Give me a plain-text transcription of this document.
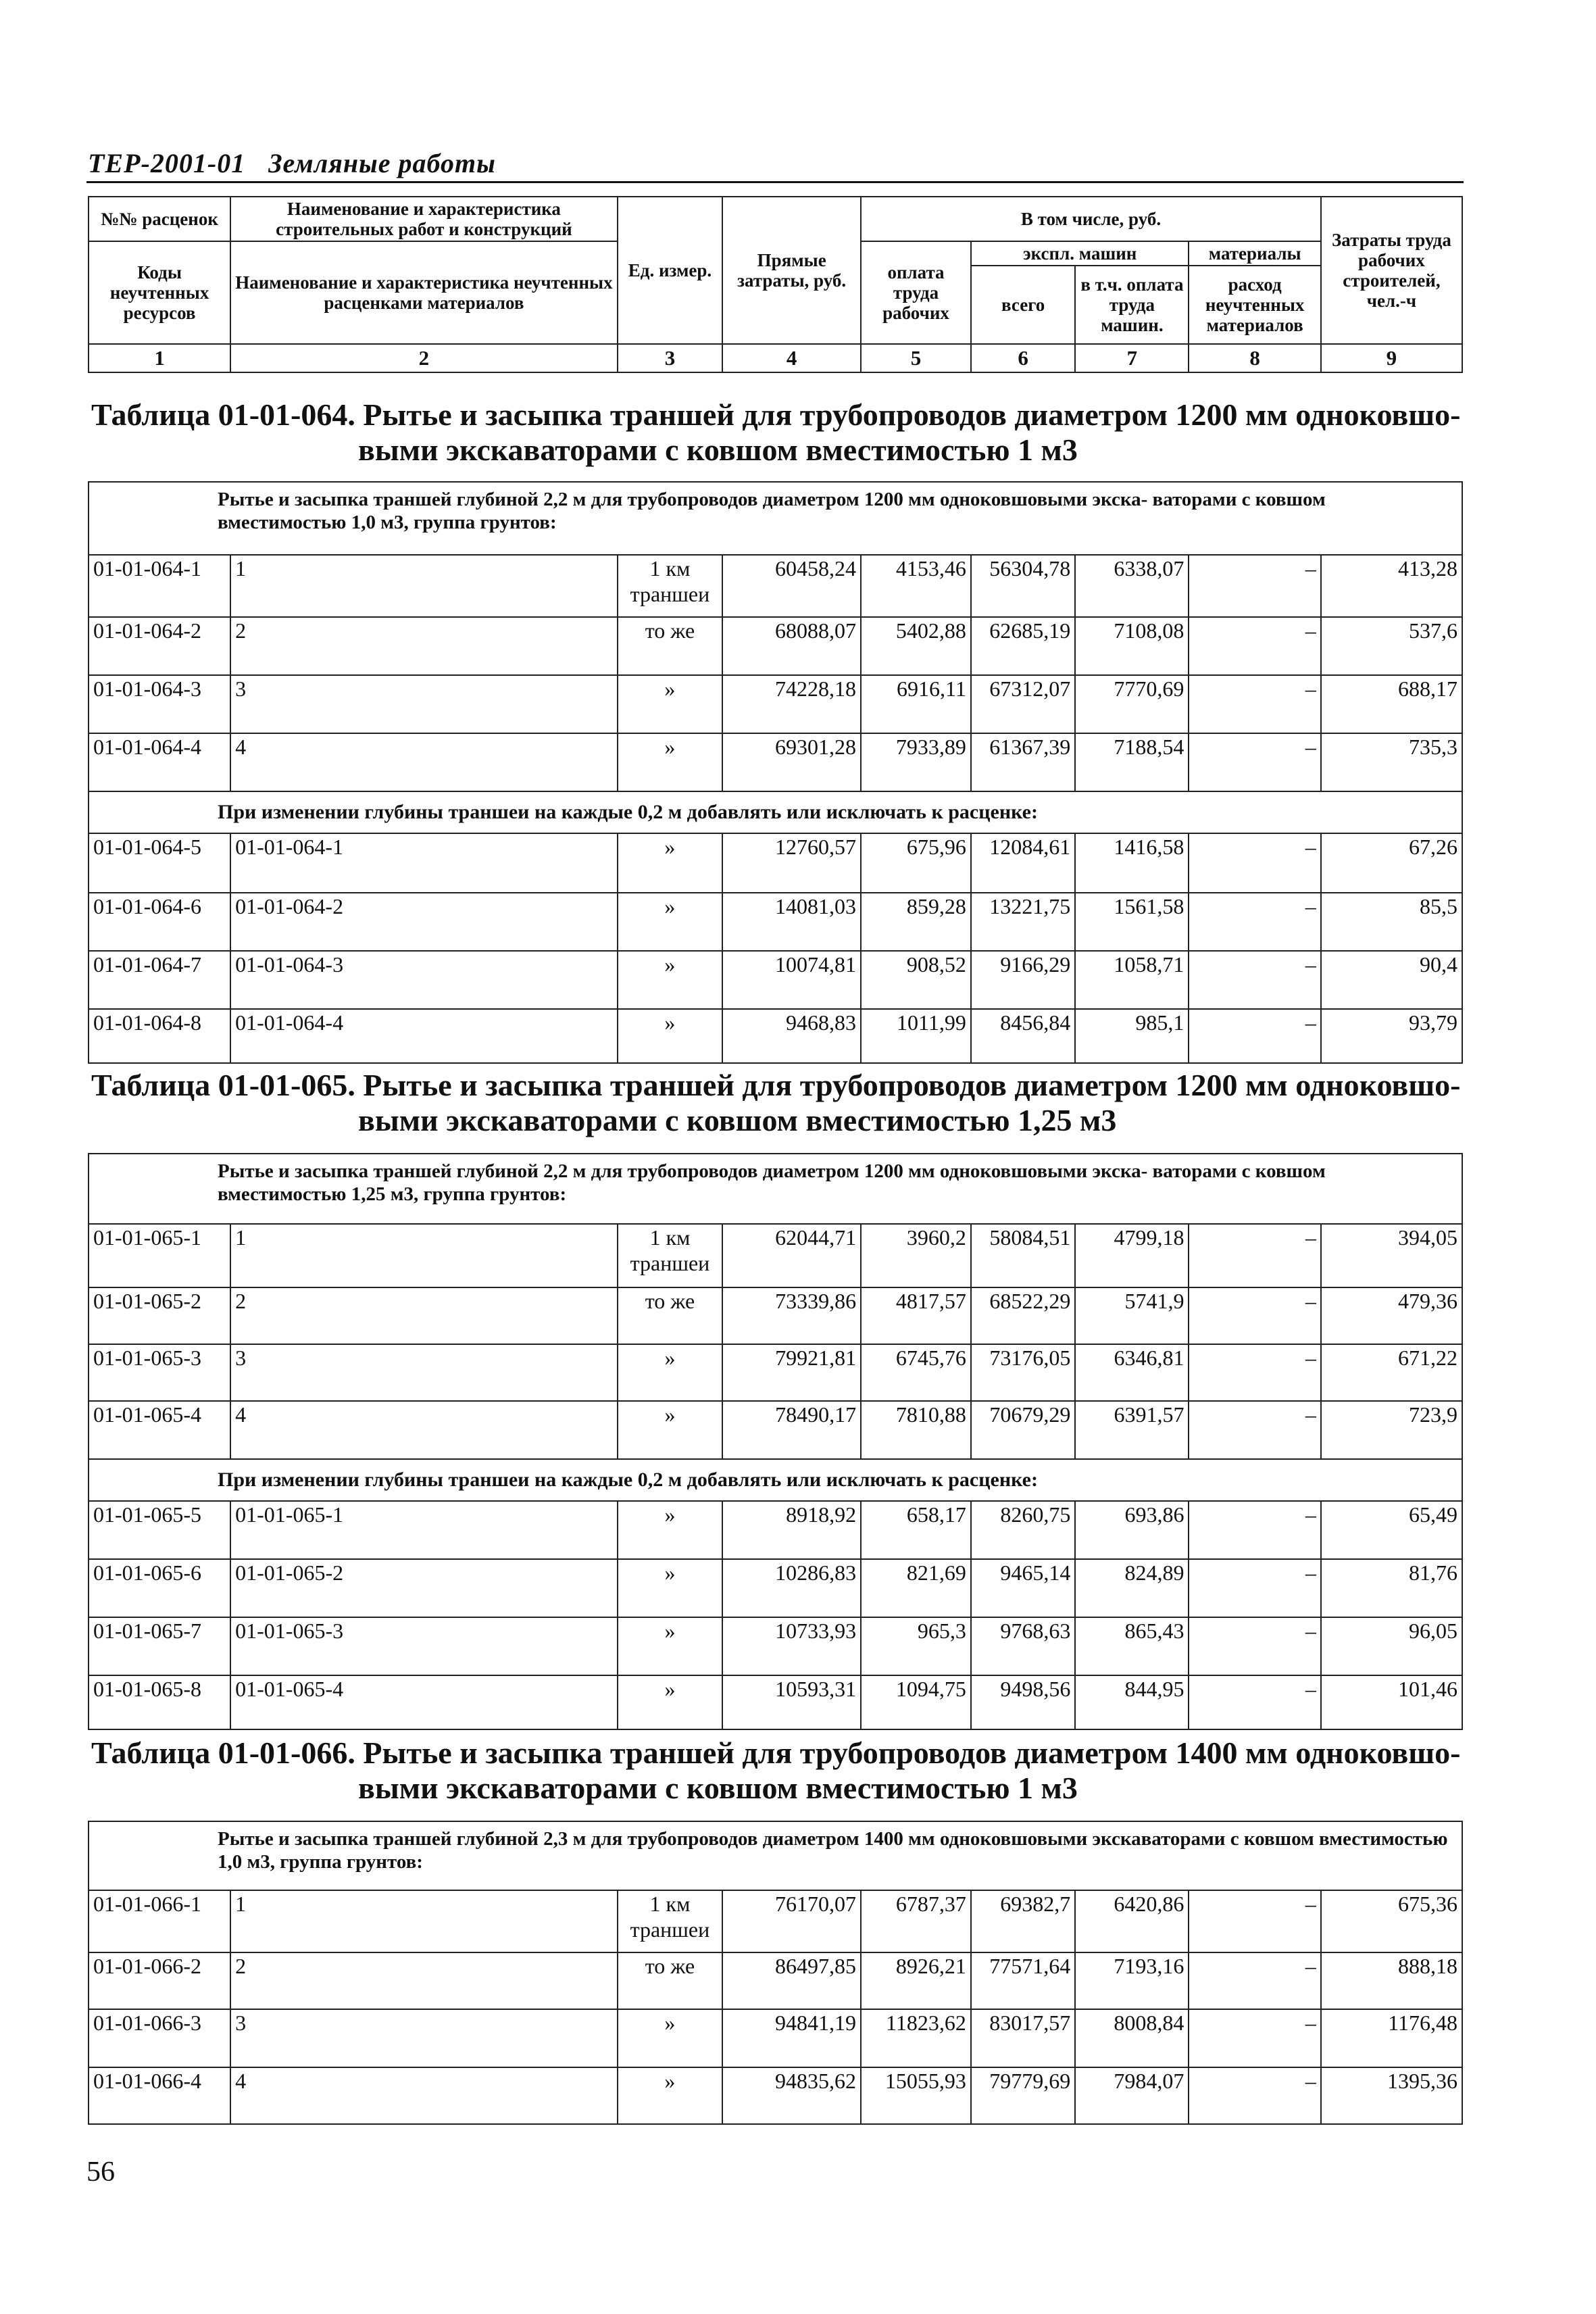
ТЕР-2001-01 Земляные работы
№№ расценок	Наименование и характеристика строительных работ и конструкций	Ед. измер.	Прямые затраты, руб.	В том числе, руб.				Затраты труда рабочих строителей, чел.-ч
Коды неучтенных ресурсов	Наименование и характеристика неучтенных расценками материалов			оплата труда рабочих	экспл. машин		материалы	
					всего	в т.ч. оплата труда машин.	расход неучтенных материалов	

1	2	3	4	5	6	7	8	9
Таблица 01-01-064. Рытье и засыпка траншей для трубопроводов диаметром 1200 мм одноковшо-
выми экскаваторами с ковшом вместимостью 1 м3
Рытье и засыпка траншей глубиной 2,2 м для трубопроводов диаметром 1200 мм одноковшовыми экска- ваторами с ковшом вместимостью 1,0 м3, группа грунтов:								
01-01-064-1	1	1 км траншеи	60458,24	4153,46	56304,78	6338,07	–	413,28
01-01-064-2	2	то же	68088,07	5402,88	62685,19	7108,08	–	537,6
01-01-064-3	3	»	74228,18	6916,11	67312,07	7770,69	–	688,17
01-01-064-4	4	»	69301,28	7933,89	61367,39	7188,54	–	735,3
При изменении глубины траншеи на каждые 0,2 м добавлять или исключать к расценке:								
01-01-064-5	01-01-064-1	»	12760,57	675,96	12084,61	1416,58	–	67,26
01-01-064-6	01-01-064-2	»	14081,03	859,28	13221,75	1561,58	–	85,5
01-01-064-7	01-01-064-3	»	10074,81	908,52	9166,29	1058,71	–	90,4
01-01-064-8	01-01-064-4	»	9468,83	1011,99	8456,84	985,1	–	93,79
Таблица 01-01-065. Рытье и засыпка траншей для трубопроводов диаметром 1200 мм одноковшо-
выми экскаваторами с ковшом вместимостью 1,25 м3
Рытье и засыпка траншей глубиной 2,2 м для трубопроводов диаметром 1200 мм одноковшовыми экска- ваторами с ковшом вместимостью 1,25 м3, группа грунтов:								
01-01-065-1	1	1 км траншеи	62044,71	3960,2	58084,51	4799,18	–	394,05
01-01-065-2	2	то же	73339,86	4817,57	68522,29	5741,9	–	479,36
01-01-065-3	3	»	79921,81	6745,76	73176,05	6346,81	–	671,22
01-01-065-4	4	»	78490,17	7810,88	70679,29	6391,57	–	723,9
При изменении глубины траншеи на каждые 0,2 м добавлять или исключать к расценке:								
01-01-065-5	01-01-065-1	»	8918,92	658,17	8260,75	693,86	–	65,49
01-01-065-6	01-01-065-2	»	10286,83	821,69	9465,14	824,89	–	81,76
01-01-065-7	01-01-065-3	»	10733,93	965,3	9768,63	865,43	–	96,05
01-01-065-8	01-01-065-4	»	10593,31	1094,75	9498,56	844,95	–	101,46
Таблица 01-01-066. Рытье и засыпка траншей для трубопроводов диаметром 1400 мм одноковшо-
выми экскаваторами с ковшом вместимостью 1 м3
Рытье и засыпка траншей глубиной 2,3 м для трубопроводов диаметром 1400 мм одноковшовыми экскаваторами с ковшом вместимостью 1,0 м3, группа грунтов:								
01-01-066-1	1	1 км траншеи	76170,07	6787,37	69382,7	6420,86	–	675,36
01-01-066-2	2	то же	86497,85	8926,21	77571,64	7193,16	–	888,18
01-01-066-3	3	»	94841,19	11823,62	83017,57	8008,84	–	1176,48
01-01-066-4	4	»	94835,62	15055,93	79779,69	7984,07	–	1395,36
56
